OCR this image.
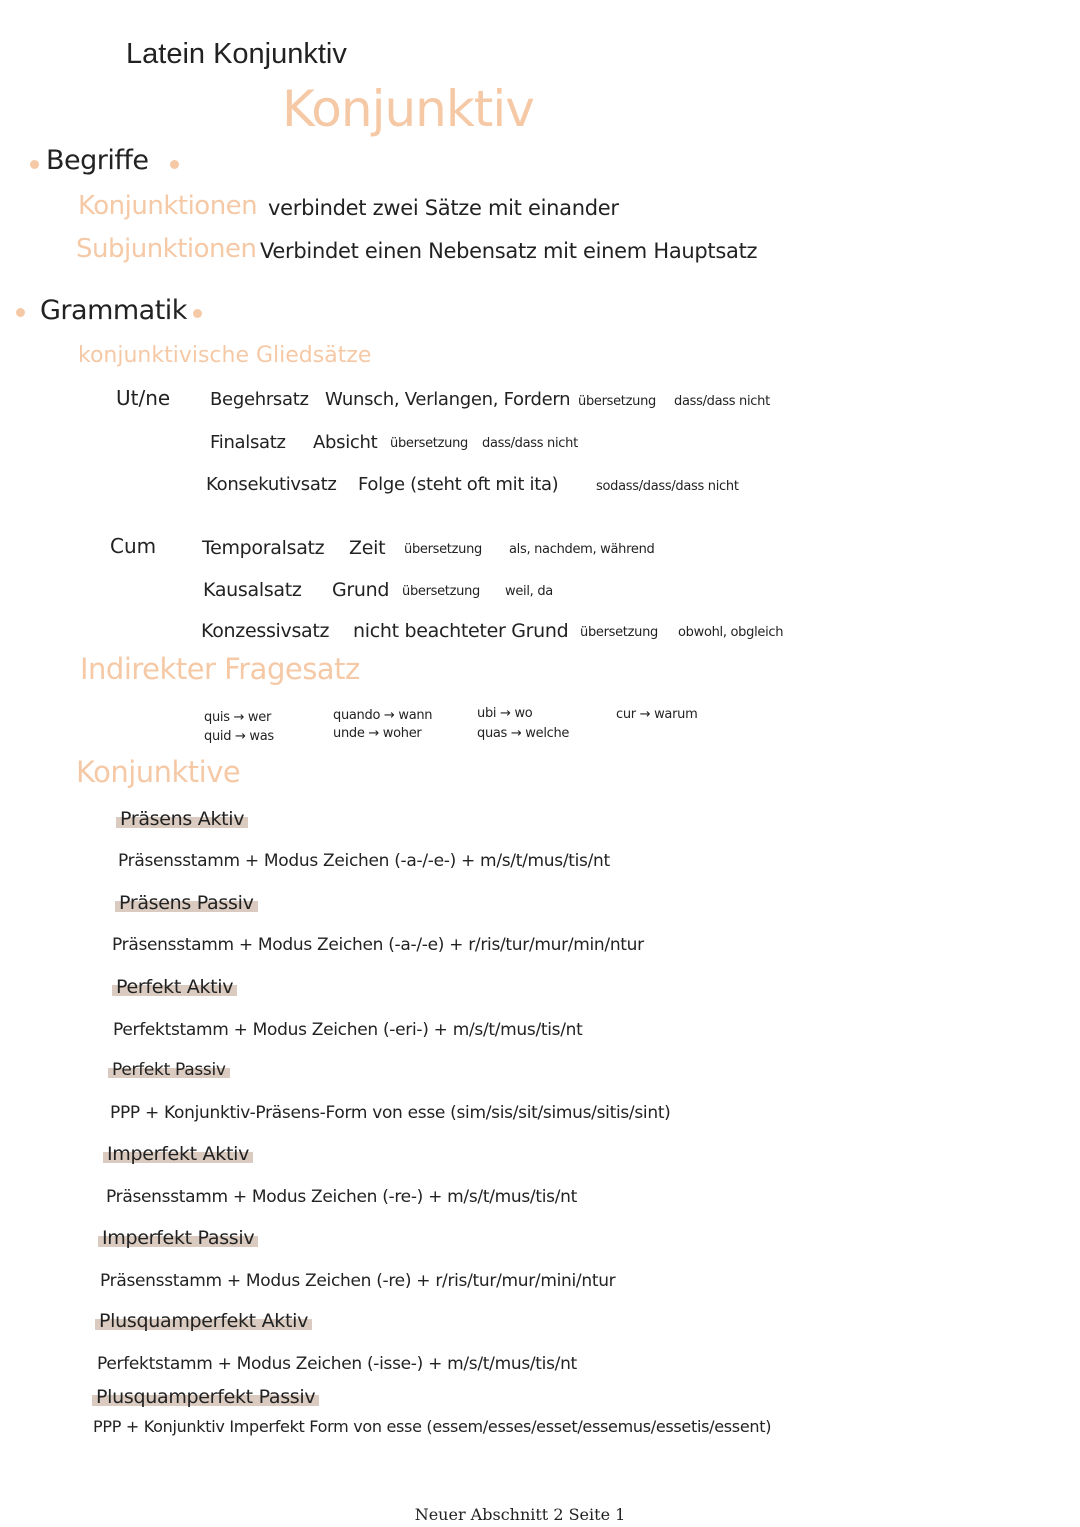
Latein Konjunktiv
Konjunktiv
Begriffe
Konjunktionen verbindet zwei Sätze mit einander
Subjunktionen Verbindet einen Nebensatz mit einem Hauptsatz
Grammatik
konjunktivische Gliedsätze
Ut/ne Begehrsatz Wunsch, Verlangen, Fordern übersetzung dass/dass nicht
Finalsatz Absicht übersetzung dass/dass nicht
Konsekutivsatz Folge (steht oft mit ita)	sodass/dass/dass nicht
Cum Temporalsatz Zeit übersetzung als, nachdem, während
Kausalsatz Grund übersetzung weil, da
Konzessivsatz nicht beachteter Grund übersetzung obwohl, obgleich
Indirekter Fragesatz
quis → wer
quid → was
quando → wann
unde → woher
ubi → wo
quas → welche
cur → warum
Konjunktive
Präsens Aktiv
Präsensstamm + Modus Zeichen (-a-/-e-) + m/s/t/mus/tis/nt
Präsens Passiv
Präsensstamm + Modus Zeichen (-a-/-e) + r/ris/tur/mur/min/ntur
Perfekt Aktiv
Perfektstamm + Modus Zeichen (-eri-) + m/s/t/mus/tis/nt
Perfekt Passiv
PPP + Konjunktiv-Präsens-Form von esse (sim/sis/sit/simus/sitis/sint)
Imperfekt Aktiv
Präsensstamm + Modus Zeichen (-re-) + m/s/t/mus/tis/nt
Imperfekt Passiv
Präsensstamm + Modus Zeichen (-re) + r/ris/tur/mur/mini/ntur
Plusquamperfekt Aktiv
Perfektstamm + Modus Zeichen (-isse-) + m/s/t/mus/tis/nt
Plusquamperfekt Passiv
PPP + Konjunktiv Imperfekt Form von esse (essem/esses/esset/essemus/essetis/essent)
Neuer Abschnitt 2 Seite 1
